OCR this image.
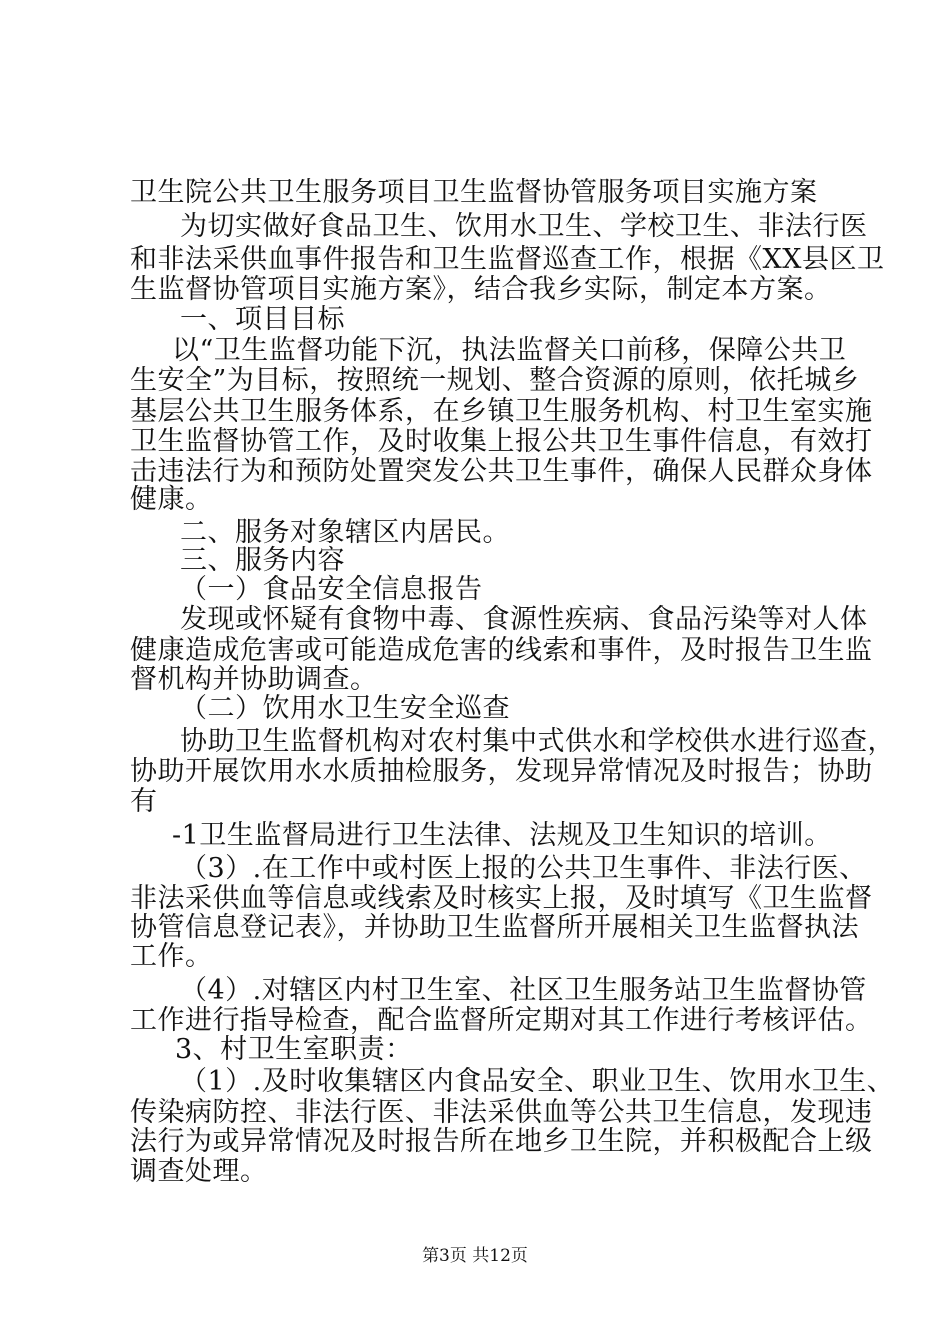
卫生院公共卫生服务项目卫生监督协管服务项目实施方案
为切实做好食品卫生、饮用水卫生、学校卫生、非法行医
和非法采供血事件报告和卫生监督巡查工作，根据《XX县区卫
生监督协管项目实施方案》，结合我乡实际，制定本方案。
一、项目目标
以“卫生监督功能下沉，执法监督关口前移，保障公共卫
生安全”为目标，按照统一规划、整合资源的原则，依托城乡
基层公共卫生服务体系，在乡镇卫生服务机构、村卫生室实施
卫生监督协管工作，及时收集上报公共卫生事件信息，有效打
击违法行为和预防处置突发公共卫生事件，确保人民群众身体
健康。
二、服务对象辖区内居民。
三、服务内容
（一）食品安全信息报告
发现或怀疑有食物中毒、食源性疾病、食品污染等对人体
健康造成危害或可能造成危害的线索和事件，及时报告卫生监
督机构并协助调查。
（二）饮用水卫生安全巡查
协助卫生监督机构对农村集中式供水和学校供水进行巡查，
协助开展饮用水水质抽检服务，发现异常情况及时报告；协助
有
-1卫生监督局进行卫生法律、法规及卫生知识的培训。
（3）.在工作中或村医上报的公共卫生事件、非法行医、
非法采供血等信息或线索及时核实上报，及时填写《卫生监督
协管信息登记表》，并协助卫生监督所开展相关卫生监督执法
工作。
（4）.对辖区内村卫生室、社区卫生服务站卫生监督协管
工作进行指导检查，配合监督所定期对其工作进行考核评估。
3、村卫生室职责：
（1）.及时收集辖区内食品安全、职业卫生、饮用水卫生、
传染病防控、非法行医、非法采供血等公共卫生信息，发现违
法行为或异常情况及时报告所在地乡卫生院，并积极配合上级
调查处理。
第3页 共12页
